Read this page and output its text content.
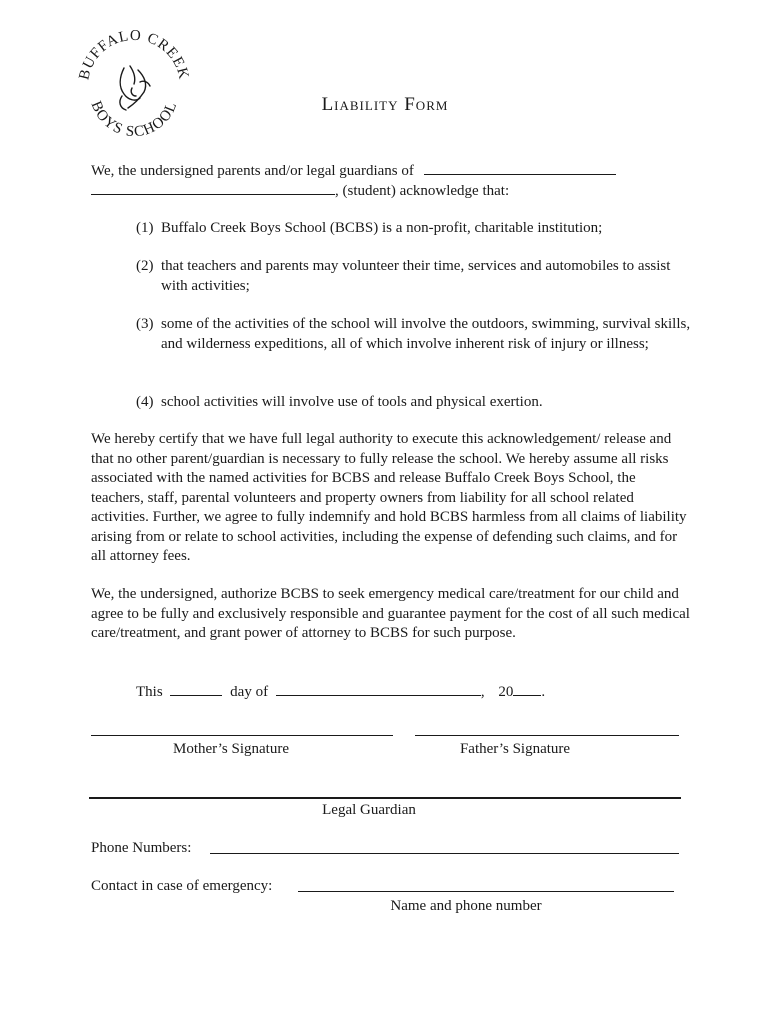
BUFFALO CREEK
BOYS SCHOOL	Liability Form
We, the undersigned parents and/or legal guardians of
, (student) acknowledge that:
(1) Buffalo Creek Boys School (BCBS) is a non-profit, charitable institution;
(2) that teachers and parents may volunteer their time, services and automobiles to assist with activities;
(3) some of the activities of the school will involve the outdoors, swimming, survival skills, and wilderness expeditions, all of which involve inherent risk of injury or illness;
(4) school activities will involve use of tools and physical exertion.
We hereby certify that we have full legal authority to execute this acknowledgement/ release and that no other parent/guardian is necessary to fully release the school. We hereby assume all risks associated with the named activities for BCBS and release Buffalo Creek Boys School, the teachers, staff, parental volunteers and property owners from liability for all school related activities. Further, we agree to fully indemnify and hold BCBS harmless from all claims of liability arising from or relate to school activities, including the expense of defending such claims, and for all attorney fees.
We, the undersigned, authorize BCBS to seek emergency medical care/treatment for our child and agree to be fully and exclusively responsible and guarantee payment for the cost of all such medical care/treatment, and grant power of attorney to BCBS for such purpose.
This	day of	, 20 .
Mother’s Signature	Father’s Signature
Legal Guardian
Phone Numbers:
Contact in case of emergency:
Name and phone number
